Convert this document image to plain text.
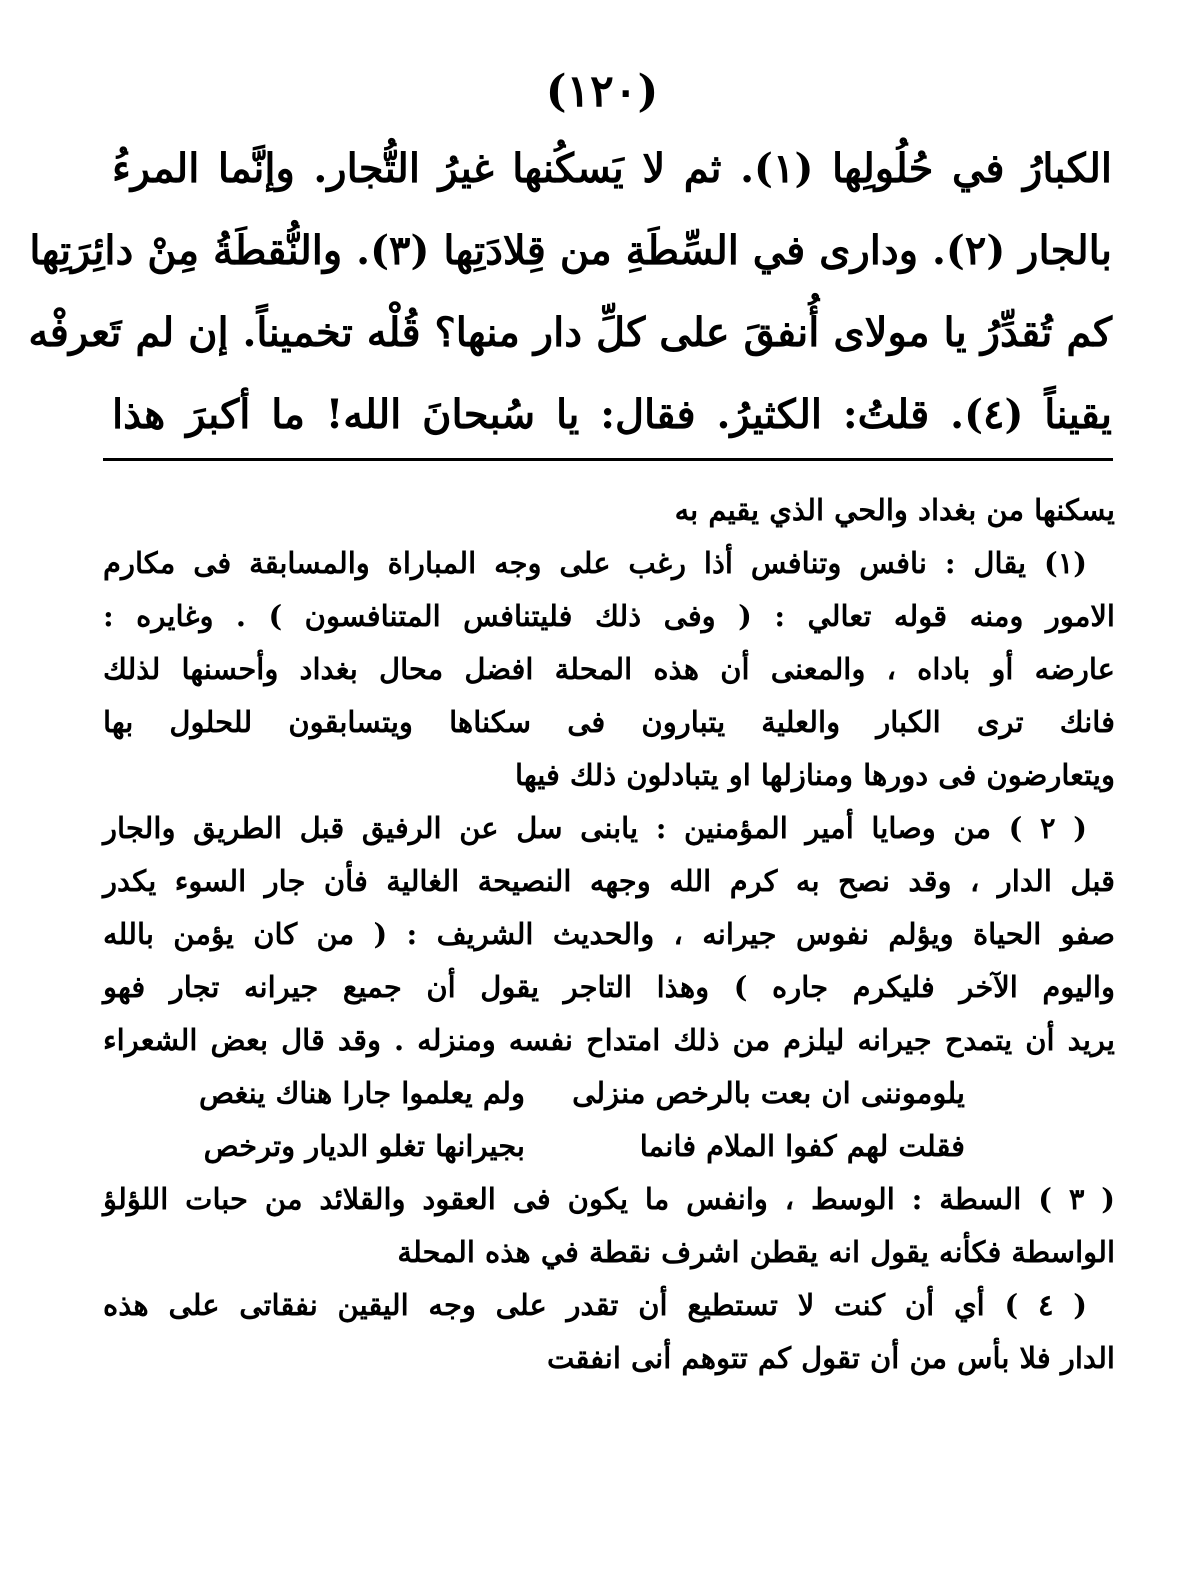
(١٢٠)
الكبارُ في حُلُولِها (١). ثم لا يَسكُنها غيرُ التُّجار. وإنَّما المرءُ
بالجار (٢). ودارى في السِّطَةِ من قِلادَتِها (٣). والنُّقطَةُ مِنْ دائِرَتِها
كم تُقدِّرُ يا مولاى أُنفقَ على كلِّ دار منها؟ قُلْه تخميناً. إن لم تَعرفْه
يقيناً (٤). قلتُ: الكثيرُ. فقال: يا سُبحانَ الله! ما أكبرَ هذا
يسكنها من بغداد والحي الذي يقيم به
(١) يقال : نافس وتنافس أذا رغب على وجه المباراة والمسابقة فى مكارم
الامور ومنه قوله تعالي : ( وفى ذلك فليتنافس المتنافسون ) . وغايره :
عارضه أو باداه ، والمعنى أن هذه المحلة افضل محال بغداد وأحسنها لذلك
فانك ترى الكبار والعلية يتبارون فى سكناها ويتسابقون للحلول بها
ويتعارضون فى دورها ومنازلها او يتبادلون ذلك فيها
( ٢ ) من وصايا أمير المؤمنين : يابنى سل عن الرفيق قبل الطريق والجار
قبل الدار ، وقد نصح به كرم الله وجهه النصيحة الغالية فأن جار السوء يكدر
صفو الحياة ويؤلم نفوس جيرانه ، والحديث الشريف : ( من كان يؤمن بالله
واليوم الآخر فليكرم جاره ) وهذا التاجر يقول أن جميع جيرانه تجار فهو
يريد أن يتمدح جيرانه ليلزم من ذلك امتداح نفسه ومنزله . وقد قال بعض الشعراء
يلوموننى ان بعت بالرخص منزلى
ولم يعلموا جارا هناك ينغص
فقلت لهم كفوا الملام فانما
بجيرانها تغلو الديار وترخص
( ٣ ) السطة : الوسط ، وانفس ما يكون فى العقود والقلائد من حبات اللؤلؤ
الواسطة فكأنه يقول انه يقطن اشرف نقطة في هذه المحلة
( ٤ ) أي أن كنت لا تستطيع أن تقدر على وجه اليقين نفقاتى على هذه
الدار فلا بأس من أن تقول كم تتوهم أنى انفقت
